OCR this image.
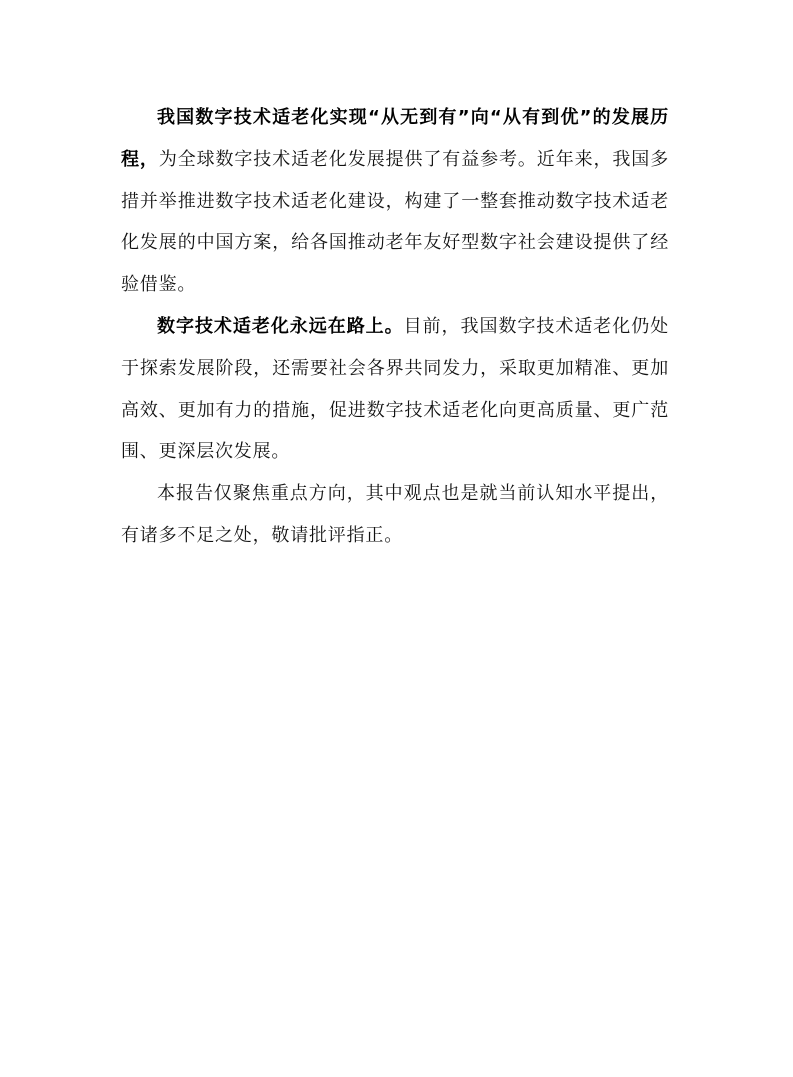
我国数字技术适老化实现“从无到有”向“从有到优”的发展历程，为全球数字技术适老化发展提供了有益参考。近年来，我国多措并举推进数字技术适老化建设，构建了一整套推动数字技术适老化发展的中国方案，给各国推动老年友好型数字社会建设提供了经验借鉴。

数字技术适老化永远在路上。目前，我国数字技术适老化仍处于探索发展阶段，还需要社会各界共同发力，采取更加精准、更加高效、更加有力的措施，促进数字技术适老化向更高质量、更广范围、更深层次发展。

本报告仅聚焦重点方向，其中观点也是就当前认知水平提出，有诸多不足之处，敬请批评指正。
